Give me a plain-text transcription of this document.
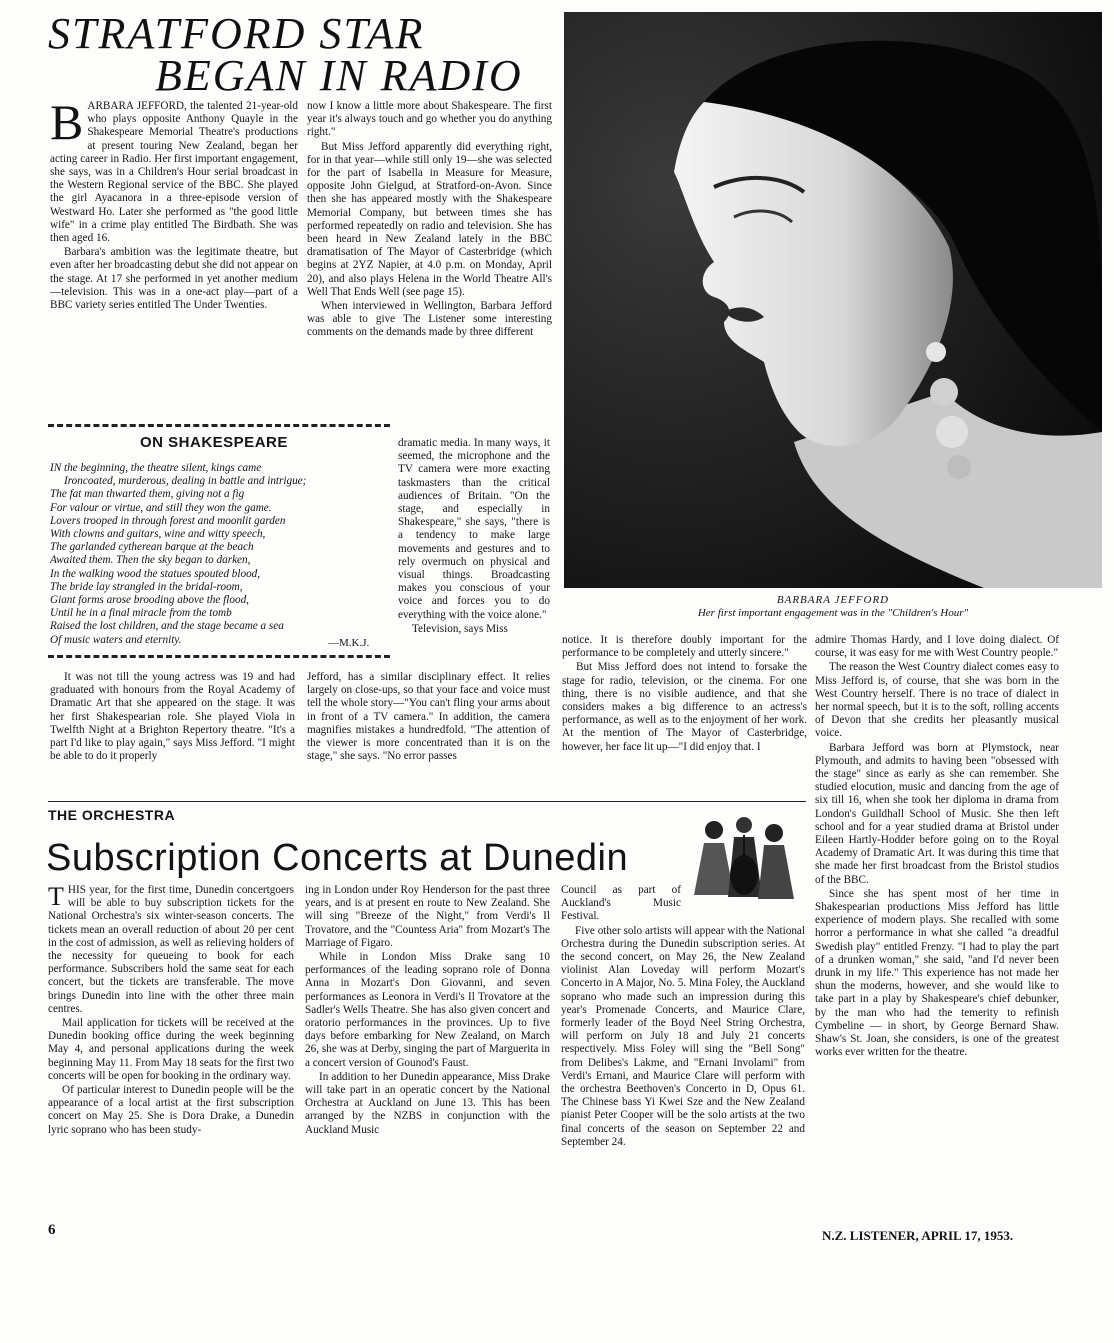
STRATFORD STAR
BEGAN IN RADIO

BARBARA JEFFORD, the talented 21-year-old who plays opposite Anthony Quayle in the Shakespeare Memorial Theatre's productions at present touring New Zealand, began her acting career in Radio. Her first important engagement, she says, was in a Children's Hour serial broadcast in the Western Regional service of the BBC. She played the girl Ayacanora in a three-episode version of Westward Ho. Later she performed as "the good little wife" in a crime play entitled The Birdbath. She was then aged 16.

Barbara's ambition was the legitimate theatre, but even after her broadcasting debut she did not appear on the stage. At 17 she performed in yet another medium—television. This was in a one-act play—part of a BBC variety series entitled The Under Twenties.

now I know a little more about Shakespeare. The first year it's always touch and go whether you do anything right."

But Miss Jefford apparently did everything right, for in that year—while still only 19—she was selected for the part of Isabella in Measure for Measure, opposite John Gielgud, at Stratford-on-Avon. Since then she has appeared mostly with the Shakespeare Memorial Company, but between times she has performed repeatedly on radio and television. She has been heard in New Zealand lately in the BBC dramatisation of The Mayor of Casterbridge (which begins at 2YZ Napier, at 4.0 p.m. on Monday, April 20), and also plays Helena in the World Theatre All's Well That Ends Well (see page 15).

When interviewed in Wellington, Barbara Jefford was able to give The Listener some interesting comments on the demands made by three different

dramatic media. In many ways, it seemed, the microphone and the TV camera were more exacting taskmasters than the critical audiences of Britain. "On the stage, and especially in Shakespeare," she says, "there is a tendency to make large movements and gestures and to rely overmuch on physical and visual things. Broadcasting makes you conscious of your voice and forces you to do everything with the voice alone."

Television, says Miss

ON SHAKESPEARE
IN the beginning, the theatre silent, kings came
Ironcoated, murderous, dealing in battle and intrigue;
The fat man thwarted them, giving not a fig
For valour or virtue, and still they won the game.
Lovers trooped in through forest and moonlit garden
With clowns and guitars, wine and witty speech,
The garlanded cytherean barque at the beach
Awaited them. Then the sky began to darken,
In the walking wood the statues spouted blood,
The bride lay strangled in the bridal-room,
Giant forms arose brooding above the flood,
Until he in a final miracle from the tomb
Raised the lost children, and the stage became a sea
Of music waters and eternity.	—M.K.J.
BARBARA JEFFORD
Her first important engagement was in the "Children's Hour"

It was not till the young actress was 19 and had graduated with honours from the Royal Academy of Dramatic Art that she appeared on the stage. It was her first Shakespearian role. She played Viola in Twelfth Night at a Brighton Repertory theatre. "It's a part I'd like to play again," says Miss Jefford. "I might be able to do it properly

Jefford, has a similar disciplinary effect. It relies largely on close-ups, so that your face and voice must tell the whole story—"You can't fling your arms about in front of a TV camera." In addition, the camera magnifies mistakes a hundredfold. "The attention of the viewer is more concentrated than it is on the stage," she says. "No error passes

notice. It is therefore doubly important for the performance to be completely and utterly sincere."

But Miss Jefford does not intend to forsake the stage for radio, television, or the cinema. For one thing, there is no visible audience, and that she considers makes a big difference to an actress's performance, as well as to the enjoyment of her work. At the mention of The Mayor of Casterbridge, however, her face lit up—"I did enjoy that. I

admire Thomas Hardy, and I love doing dialect. Of course, it was easy for me with West Country people."

The reason the West Country dialect comes easy to Miss Jefford is, of course, that she was born in the West Country herself. There is no trace of dialect in her normal speech, but it is to the soft, rolling accents of Devon that she credits her pleasantly musical voice.

Barbara Jefford was born at Plymstock, near Plymouth, and admits to having been "obsessed with the stage" since as early as she can remember. She studied elocution, music and dancing from the age of six till 16, when she took her diploma in drama from London's Guildhall School of Music. She then left school and for a year studied drama at Bristol under Eileen Hartly-Hodder before going on to the Royal Academy of Dramatic Art. It was during this time that she made her first broadcast from the Bristol studios of the BBC.

Since she has spent most of her time in Shakespearian productions Miss Jefford has little experience of modern plays. She recalled with some horror a performance in what she called "a dreadful Swedish play" entitled Frenzy. "I had to play the part of a drunken woman," she said, "and I'd never been drunk in my life." This experience has not made her shun the moderns, however, and she would like to take part in a play by Shakespeare's chief debunker, by the man who had the temerity to refinish Cymbeline — in short, by George Bernard Shaw. Shaw's St. Joan, she considers, is one of the greatest works ever written for the theatre.

THE ORCHESTRA
Subscription Concerts at Dunedin

THIS year, for the first time, Dunedin concertgoers will be able to buy subscription tickets for the National Orchestra's six winter-season concerts. The tickets mean an overall reduction of about 20 per cent in the cost of admission, as well as relieving holders of the necessity for queueing to book for each performance. Subscribers hold the same seat for each concert, but the tickets are transferable. The move brings Dunedin into line with the other three main centres.

Mail application for tickets will be received at the Dunedin booking office during the week beginning May 4, and personal applications during the week beginning May 11. From May 18 seats for the first two concerts will be open for booking in the ordinary way.

Of particular interest to Dunedin people will be the appearance of a local artist at the first subscription concert on May 25. She is Dora Drake, a Dunedin lyric soprano who has been study-

ing in London under Roy Henderson for the past three years, and is at present en route to New Zealand. She will sing "Breeze of the Night," from Verdi's Il Trovatore, and the "Countess Aria" from Mozart's The Marriage of Figaro.

While in London Miss Drake sang 10 performances of the leading soprano role of Donna Anna in Mozart's Don Giovanni, and seven performances as Leonora in Verdi's Il Trovatore at the Sadler's Wells Theatre. She has also given concert and oratorio performances in the provinces. Up to five days before embarking for New Zealand, on March 26, she was at Derby, singing the part of Marguerita in a concert version of Gounod's Faust.

In addition to her Dunedin appearance, Miss Drake will take part in an operatic concert by the National Orchestra at Auckland on June 13. This has been arranged by the NZBS in conjunction with the Auckland Music

Council as part of Auckland's Music Festival.

Five other solo artists will appear with the National Orchestra during the Dunedin subscription series. At the second concert, on May 26, the New Zealand violinist Alan Loveday will perform Mozart's Concerto in A Major, No. 5. Mina Foley, the Auckland soprano who made such an impression during this year's Promenade Concerts, and Maurice Clare, formerly leader of the Boyd Neel String Orchestra, will perform on July 18 and July 21 concerts respectively. Miss Foley will sing the "Bell Song" from Delibes's Lakme, and "Ernani Involami" from Verdi's Ernani, and Maurice Clare will perform with the orchestra Beethoven's Concerto in D, Opus 61. The Chinese bass Yi Kwei Sze and the New Zealand pianist Peter Cooper will be the solo artists at the two final concerts of the season on September 22 and September 24.

6	N.Z. LISTENER, APRIL 17, 1953.
